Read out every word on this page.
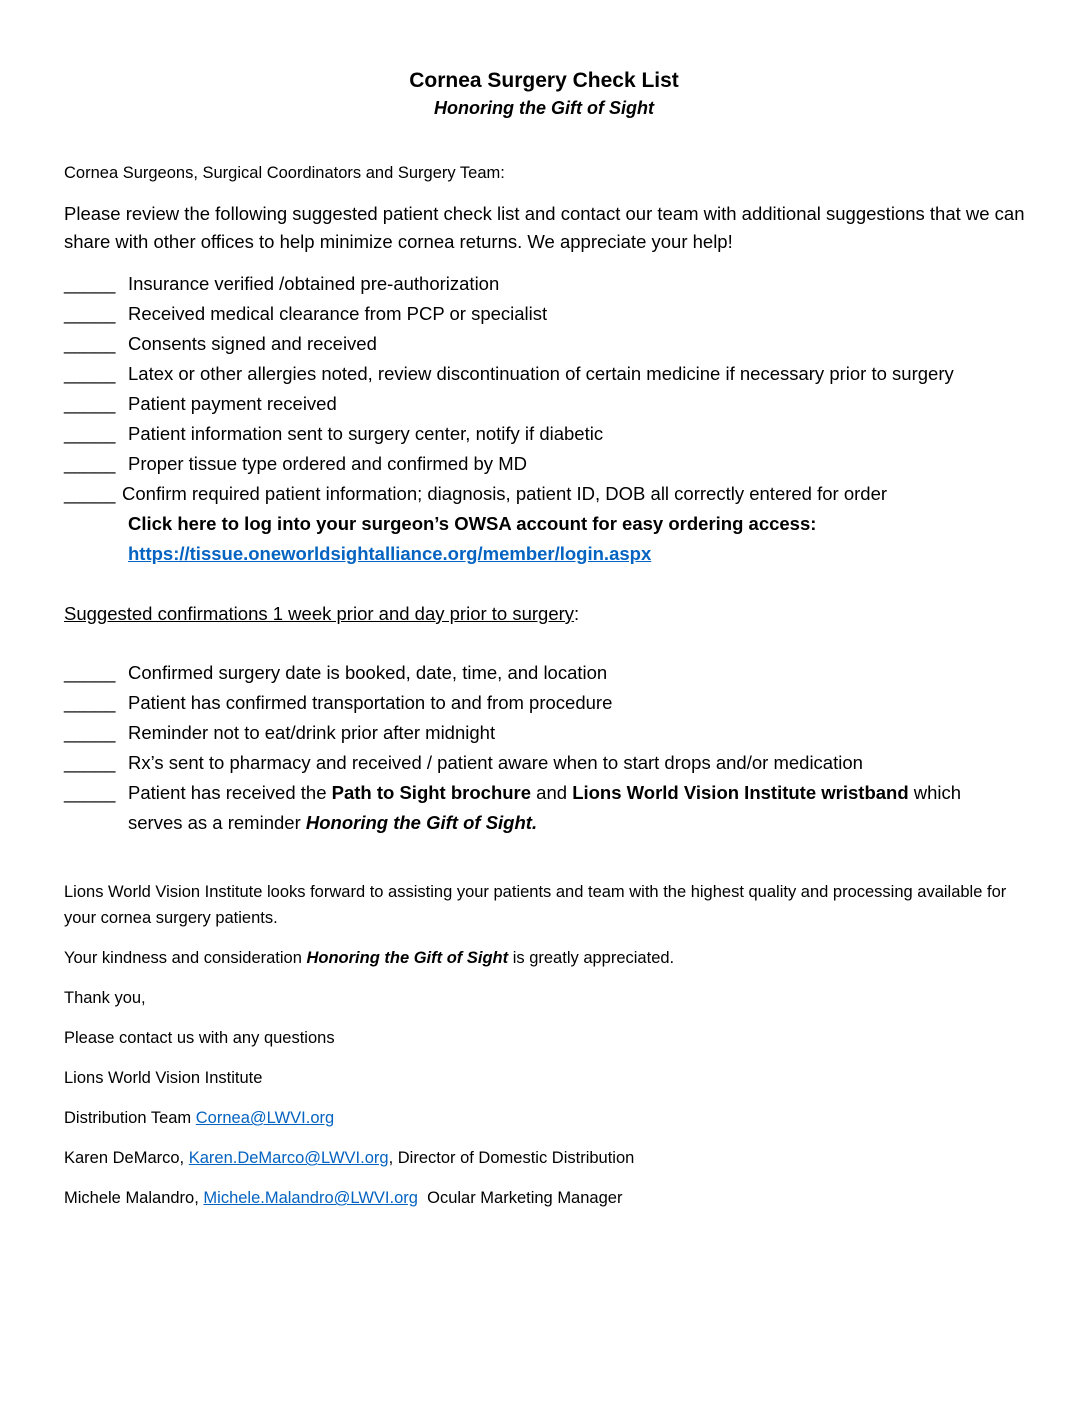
Cornea Surgery Check List
Honoring the Gift of Sight
Cornea Surgeons, Surgical Coordinators and Surgery Team:
Please review the following suggested patient check list and contact our team with additional suggestions that we can share with other offices to help minimize cornea returns. We appreciate your help!
_____ Insurance verified /obtained pre-authorization
_____ Received medical clearance from PCP or specialist
_____ Consents signed and received
_____ Latex or other allergies noted, review discontinuation of certain medicine if necessary prior to surgery
_____ Patient payment received
_____ Patient information sent to surgery center, notify if diabetic
_____ Proper tissue type ordered and confirmed by MD
_____ Confirm required patient information; diagnosis, patient ID, DOB all correctly entered for order
Click here to log into your surgeon’s OWSA account for easy ordering access:
https://tissue.oneworldsightalliance.org/member/login.aspx
Suggested confirmations 1 week prior and day prior to surgery:
_____ Confirmed surgery date is booked, date, time, and location
_____ Patient has confirmed transportation to and from procedure
_____ Reminder not to eat/drink prior after midnight
_____ Rx’s sent to pharmacy and received / patient aware when to start drops and/or medication
_____ Patient has received the Path to Sight brochure and Lions World Vision Institute wristband which
serves as a reminder Honoring the Gift of Sight.
Lions World Vision Institute looks forward to assisting your patients and team with the highest quality and processing available for your cornea surgery patients.
Your kindness and consideration Honoring the Gift of Sight is greatly appreciated.
Thank you,
Please contact us with any questions
Lions World Vision Institute
Distribution Team Cornea@LWVI.org
Karen DeMarco, Karen.DeMarco@LWVI.org, Director of Domestic Distribution
Michele Malandro, Michele.Malandro@LWVI.org  Ocular Marketing Manager
